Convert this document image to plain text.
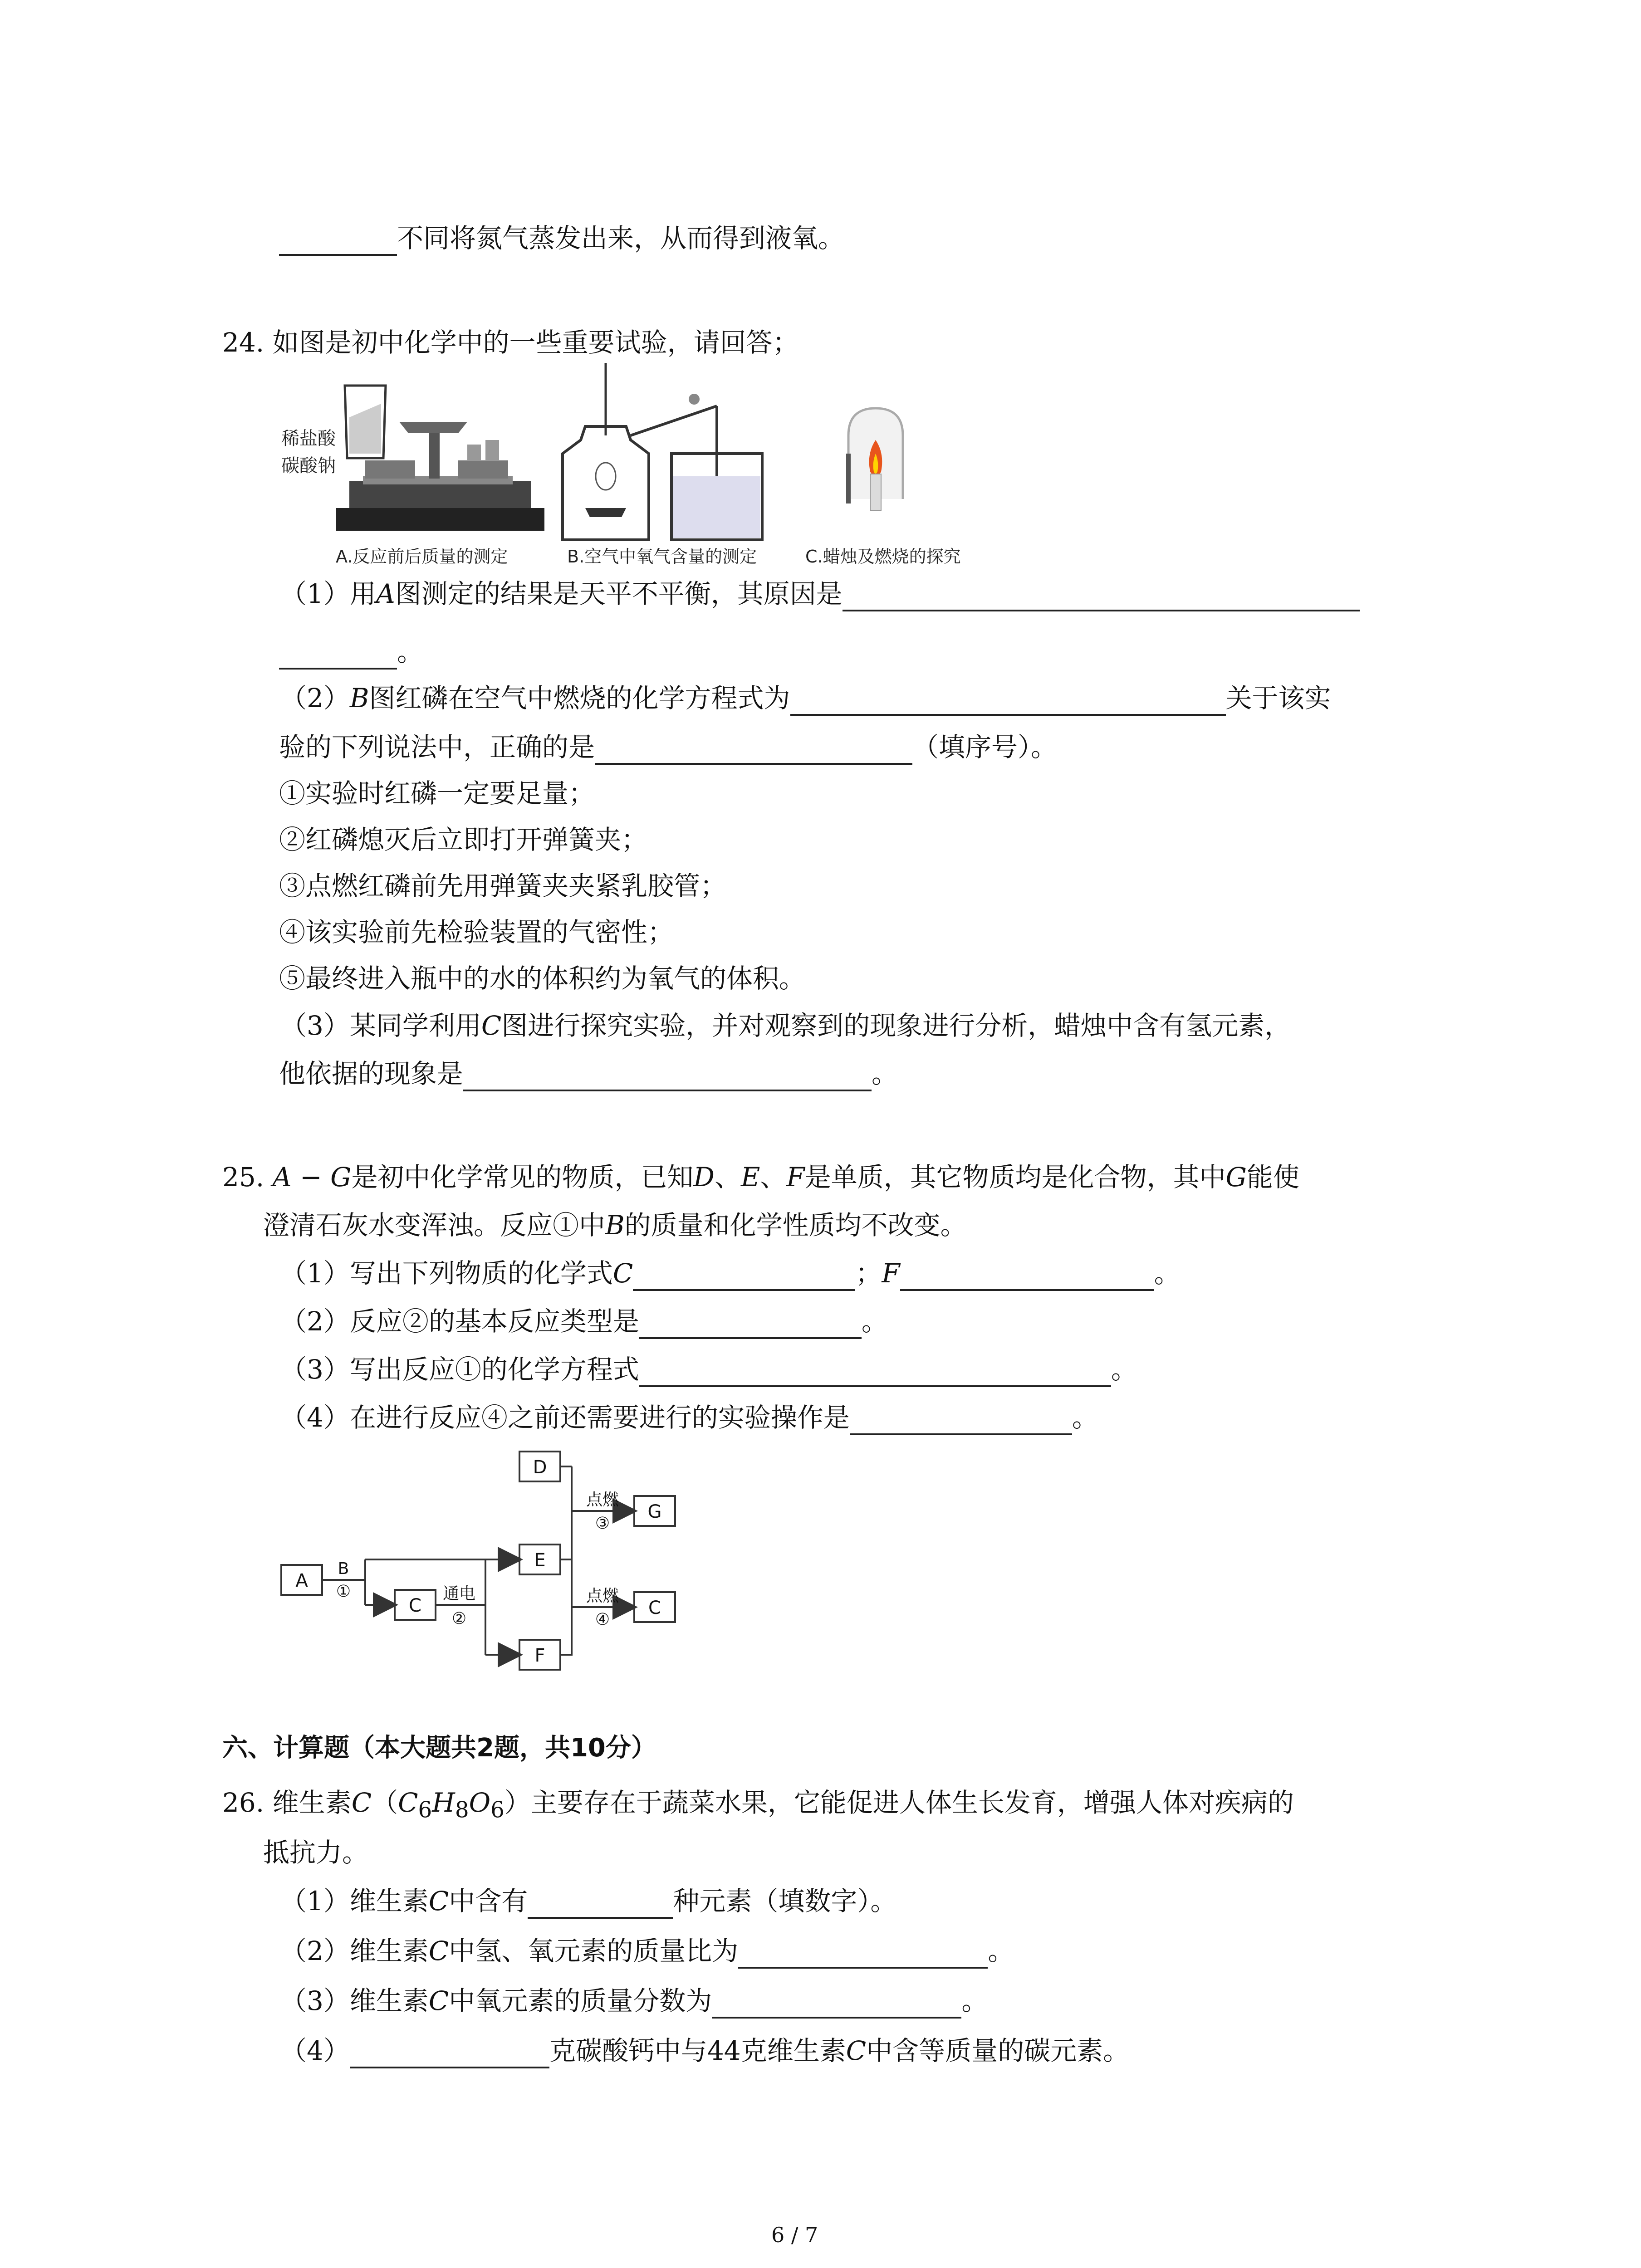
不同将氮气蒸发出来，从而得到液氧。
24. 如图是初中化学中的一些重要试验，请回答；
稀盐酸
碳酸钠
A.反应前后质量的测定	B.空气中氧气含量的测定	C.蜡烛及燃烧的探究
（1）用A图测定的结果是天平不平衡，其原因是
。
（2）B图红磷在空气中燃烧的化学方程式为	关于该实
验的下列说法中，正确的是	（填序号）。
①实验时红磷一定要足量；
②红磷熄灭后立即打开弹簧夹；
③点燃红磷前先用弹簧夹夹紧乳胶管；
④该实验前先检验装置的气密性；
⑤最终进入瓶中的水的体积约为氧气的体积。
（3）某同学利用C图进行探究实验，并对观察到的现象进行分析，蜡烛中含有氢元素，
他依据的现象是	。
25. A − G是初中化学常见的物质，已知D、E、F是单质，其它物质均是化合物，其中G能使
澄清石灰水变浑浊。反应①中B的质量和化学性质均不改变。
（1）写出下列物质的化学式C	；F	。
（2）反应②的基本反应类型是	。
（3）写出反应①的化学方程式	。
（4）在进行反应④之前还需要进行的实验操作是	。
A
C
D
E
F
G
C
B
①	通电
②
点燃
③
点燃
④
六、计算题（本大题共2题，共10分）
26. 维生素$C(C_6H_8O_6)$主要存在于蔬菜水果，它能促进人体生长发育，增强人体对疾病的
抵抗力。
（1）维生素C中含有	种元素（填数字）。
（2）维生素C中氢、氧元素的质量比为	。
（3）维生素C中氧元素的质量分数为	。
（4）	克碳酸钙中与44克维生素C中含等质量的碳元素。
6 / 7
